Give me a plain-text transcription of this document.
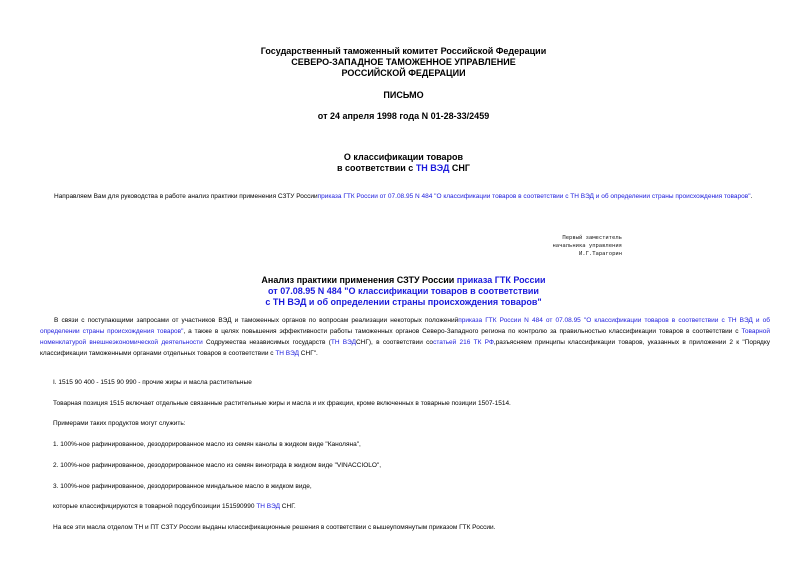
Государственный таможенный комитет Российской Федерации
СЕВЕРО-ЗАПАДНОЕ ТАМОЖЕННОЕ УПРАВЛЕНИЕ
РОССИЙСКОЙ ФЕДЕРАЦИИ
ПИСЬМО
от 24 апреля 1998 года N 01-28-33/2459
О классификации товаров
в соответствии с ТН ВЭД СНГ
Направляем Вам для руководства в работе анализ практики применения СЗТУ Россииприказа ГТК России от 07.08.95 N 484 "О классификации товаров в соответствии с ТН ВЭД и об определении страны происхождения товаров".
Первый заместитель
начальника управления
И.Г.Тарагорин
Анализ практики применения СЗТУ России приказа ГТК России
от 07.08.95 N 484 "О классификации товаров в соответствии
с ТН ВЭД и об определении страны происхождения товаров"
В связи с поступающими запросами от участников ВЭД и таможенных органов по вопросам реализации некоторых положенийприказа ГТК России N 484 от 07.08.95 "О классификации товаров в соответствии с ТН ВЭД и об определении страны происхождения товаров", а также в целях повышения эффективности работы таможенных органов Северо-Западного региона по контролю за правильностью классификации товаров в соответствии с Товарной номенклатурой внешнеэкономической деятельности Содружества независимых государств (ТН ВЭДСНГ), в соответствии состатьей 216 ТК РФ,разъясняем принципы классификации товаров, указанных в приложении 2 к "Порядку классификации таможенными органами отдельных товаров в соответствии с ТН ВЭД СНГ".
I. 1515 90 400 - 1515 90 990 - прочие жиры и масла растительные
Товарная позиция 1515 включает отдельные связанные растительные жиры и масла и их фракции, кроме включенных в товарные позиции 1507-1514.
Примерами таких продуктов могут служить:
1. 100%-ное рафинированное, дезодорированное масло из семян канолы в жидком виде "Каноляна",
2. 100%-ное рафинированное, дезодорированное масло из семян винограда в жидком виде "VINACCIOLO",
3. 100%-ное рафинированное, дезодорированное миндальное масло в жидком виде,
которые классифицируются в товарной подсубпозиции 151590990 ТН ВЭД СНГ.
На все эти масла отделом ТН и ПТ СЗТУ России выданы классификационные решения в соответствии с вышеупомянутым приказом ГТК России.
